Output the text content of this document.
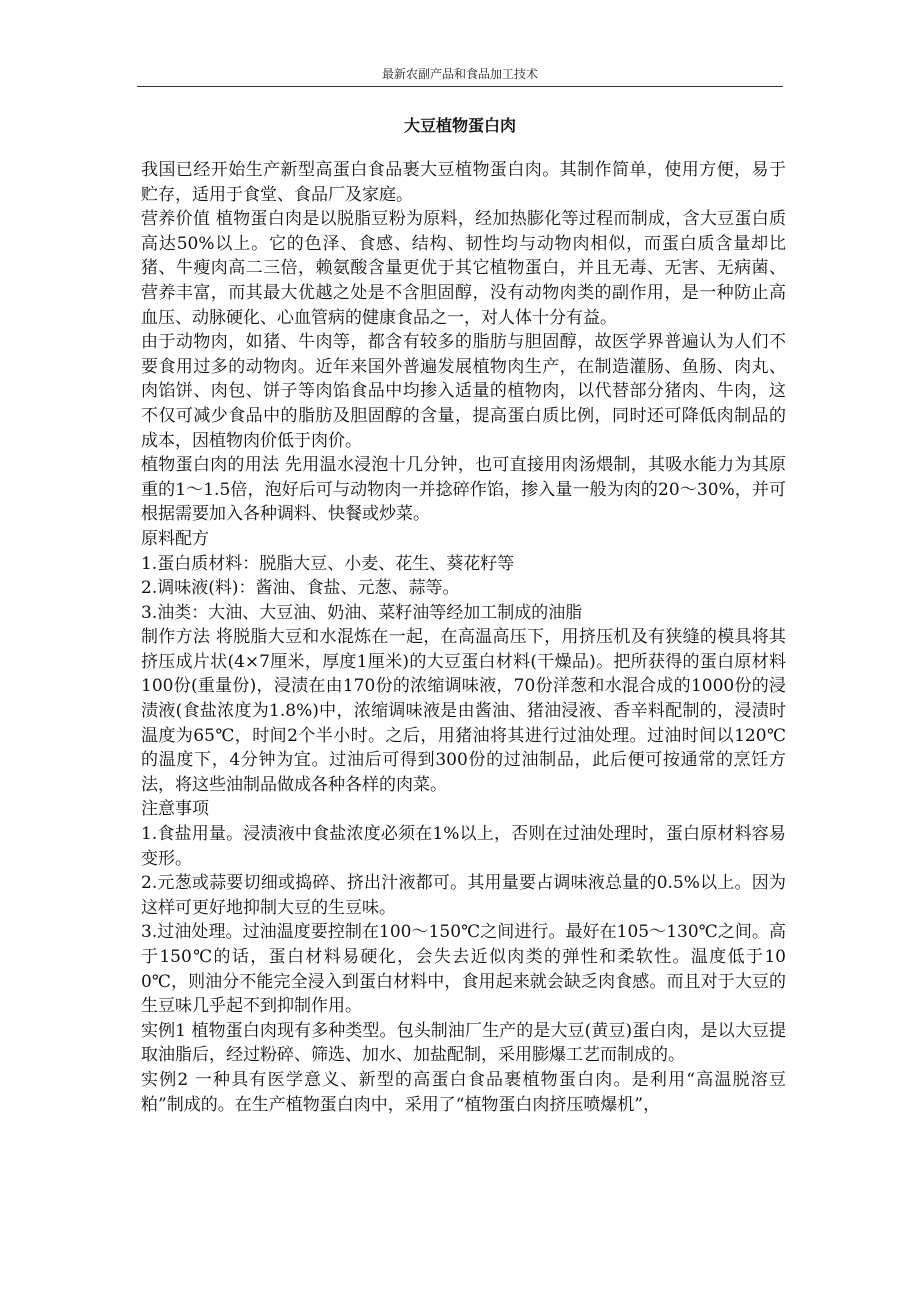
最新农副产品和食品加工技术
大豆植物蛋白肉

我国已经开始生产新型高蛋白食品裹大豆植物蛋白肉。其制作简单，使用方便，易于贮存，适用于食堂、食品厂及家庭。

营养价值 植物蛋白肉是以脱脂豆粉为原料，经加热膨化等过程而制成，含大豆蛋白质高达50%以上。它的色泽、食感、结构、韧性均与动物肉相似，而蛋白质含量却比猪、牛瘦肉高二三倍，赖氨酸含量更优于其它植物蛋白，并且无毒、无害、无病菌、营养丰富，而其最大优越之处是不含胆固醇，没有动物肉类的副作用，是一种防止高血压、动脉硬化、心血管病的健康食品之一，对人体十分有益。

由于动物肉，如猪、牛肉等，都含有较多的脂肪与胆固醇，故医学界普遍认为人们不要食用过多的动物肉。近年来国外普遍发展植物肉生产，在制造灌肠、鱼肠、肉丸、肉馅饼、肉包、饼子等肉馅食品中均掺入适量的植物肉，以代替部分猪肉、牛肉，这不仅可减少食品中的脂肪及胆固醇的含量，提高蛋白质比例，同时还可降低肉制品的成本，因植物肉价低于肉价。

植物蛋白肉的用法 先用温水浸泡十几分钟，也可直接用肉汤煨制，其吸水能力为其原重的1～1.5倍，泡好后可与动物肉一并捻碎作馅，掺入量一般为肉的20～30%，并可根据需要加入各种调料、快餐或炒菜。

原料配方

1.蛋白质材料：脱脂大豆、小麦、花生、葵花籽等

2.调味液(料)：酱油、食盐、元葱、蒜等。

3.油类：大油、大豆油、奶油、菜籽油等经加工制成的油脂

制作方法 将脱脂大豆和水混炼在一起，在高温高压下，用挤压机及有狭缝的模具将其挤压成片状(4×7厘米，厚度1厘米)的大豆蛋白材料(干燥品)。把所获得的蛋白原材料100份(重量份)，浸渍在由170份的浓缩调味液，70份洋葱和水混合成的1000份的浸渍液(食盐浓度为1.8%)中，浓缩调味液是由酱油、猪油浸液、香辛料配制的，浸渍时温度为65℃，时间2个半小时。之后，用猪油将其进行过油处理。过油时间以120℃的温度下，4分钟为宜。过油后可得到300份的过油制品，此后便可按通常的烹饪方法，将这些油制品做成各种各样的肉菜。

注意事项

1.食盐用量。浸渍液中食盐浓度必须在1%以上，否则在过油处理时，蛋白原材料容易变形。

2.元葱或蒜要切细或捣碎、挤出汁液都可。其用量要占调味液总量的0.5%以上。因为这样可更好地抑制大豆的生豆味。

3.过油处理。过油温度要控制在100～150℃之间进行。最好在105～130℃之间。高于150℃的话，蛋白材料易硬化，会失去近似肉类的弹性和柔软性。温度低于100℃，则油分不能完全浸入到蛋白材料中，食用起来就会缺乏肉食感。而且对于大豆的生豆味几乎起不到抑制作用。

实例1 植物蛋白肉现有多种类型。包头制油厂生产的是大豆(黄豆)蛋白肉，是以大豆提取油脂后，经过粉碎、筛选、加水、加盐配制，采用膨爆工艺而制成的。

实例2 一种具有医学意义、新型的高蛋白食品裹植物蛋白肉。是利用“高温脱溶豆粕”制成的。在生产植物蛋白肉中，采用了“植物蛋白肉挤压喷爆机”，
